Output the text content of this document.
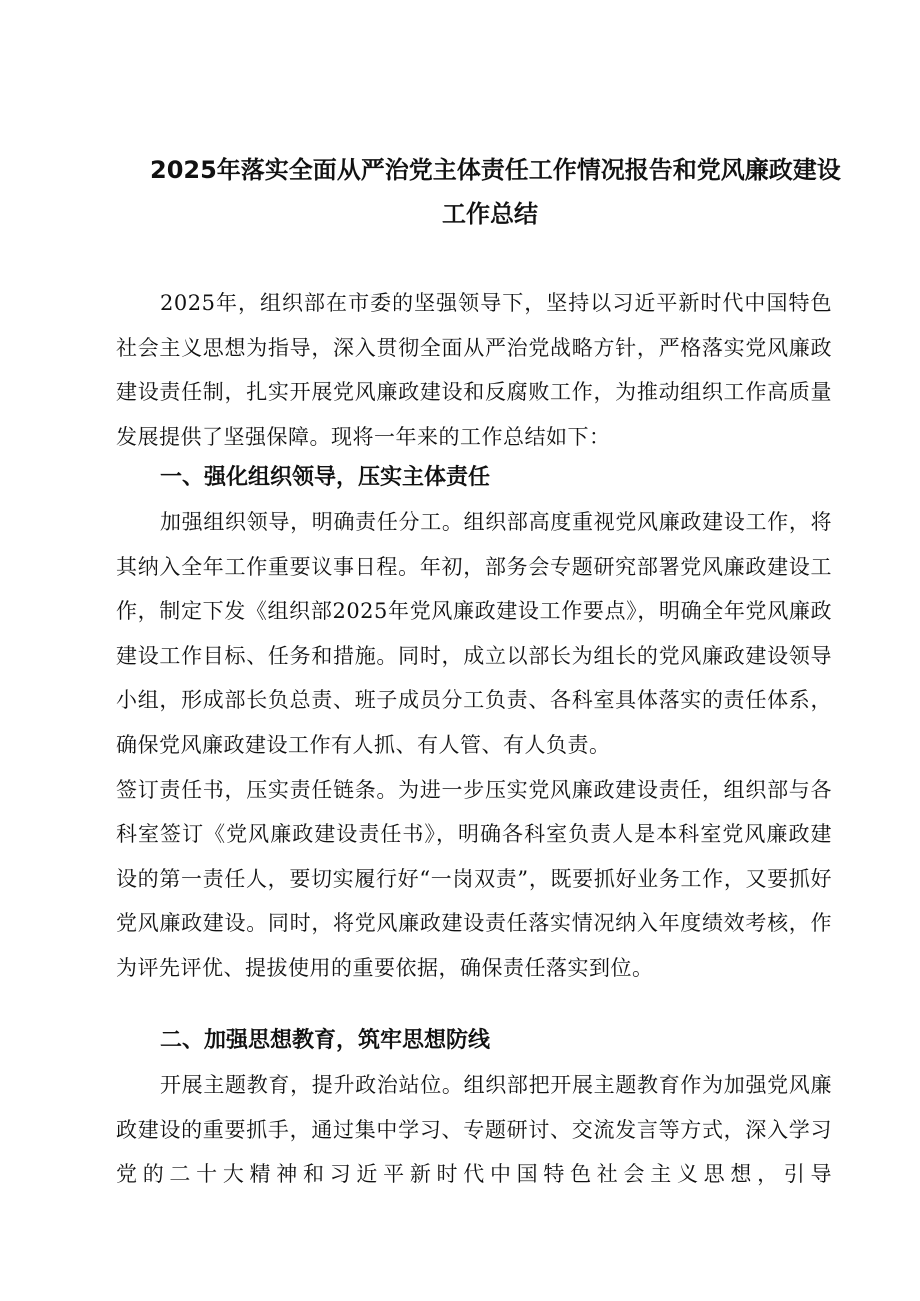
2025年落实全面从严治党主体责任工作情况报告和党风廉政建设
工作总结

2025年，组织部在市委的坚强领导下，坚持以习近平新时代中国特色社会主义思想为指导，深入贯彻全面从严治党战略方针，严格落实党风廉政建设责任制，扎实开展党风廉政建设和反腐败工作，为推动组织工作高质量发展提供了坚强保障。现将一年来的工作总结如下：

一、强化组织领导，压实主体责任

加强组织领导，明确责任分工。组织部高度重视党风廉政建设工作，将其纳入全年工作重要议事日程。年初，部务会专题研究部署党风廉政建设工作，制定下发《组织部2025年党风廉政建设工作要点》，明确全年党风廉政建设工作目标、任务和措施。同时，成立以部长为组长的党风廉政建设领导小组，形成部长负总责、班子成员分工负责、各科室具体落实的责任体系，确保党风廉政建设工作有人抓、有人管、有人负责。

签订责任书，压实责任链条。为进一步压实党风廉政建设责任，组织部与各科室签订《党风廉政建设责任书》，明确各科室负责人是本科室党风廉政建设的第一责任人，要切实履行好“一岗双责”，既要抓好业务工作，又要抓好党风廉政建设。同时，将党风廉政建设责任落实情况纳入年度绩效考核，作为评先评优、提拔使用的重要依据，确保责任落实到位。

二、加强思想教育，筑牢思想防线

开展主题教育，提升政治站位。组织部把开展主题教育作为加强党风廉政建设的重要抓手，通过集中学习、专题研讨、交流发言等方式，深入学习党的二十大精神和习近平新时代中国特色社会主义思想，引导
